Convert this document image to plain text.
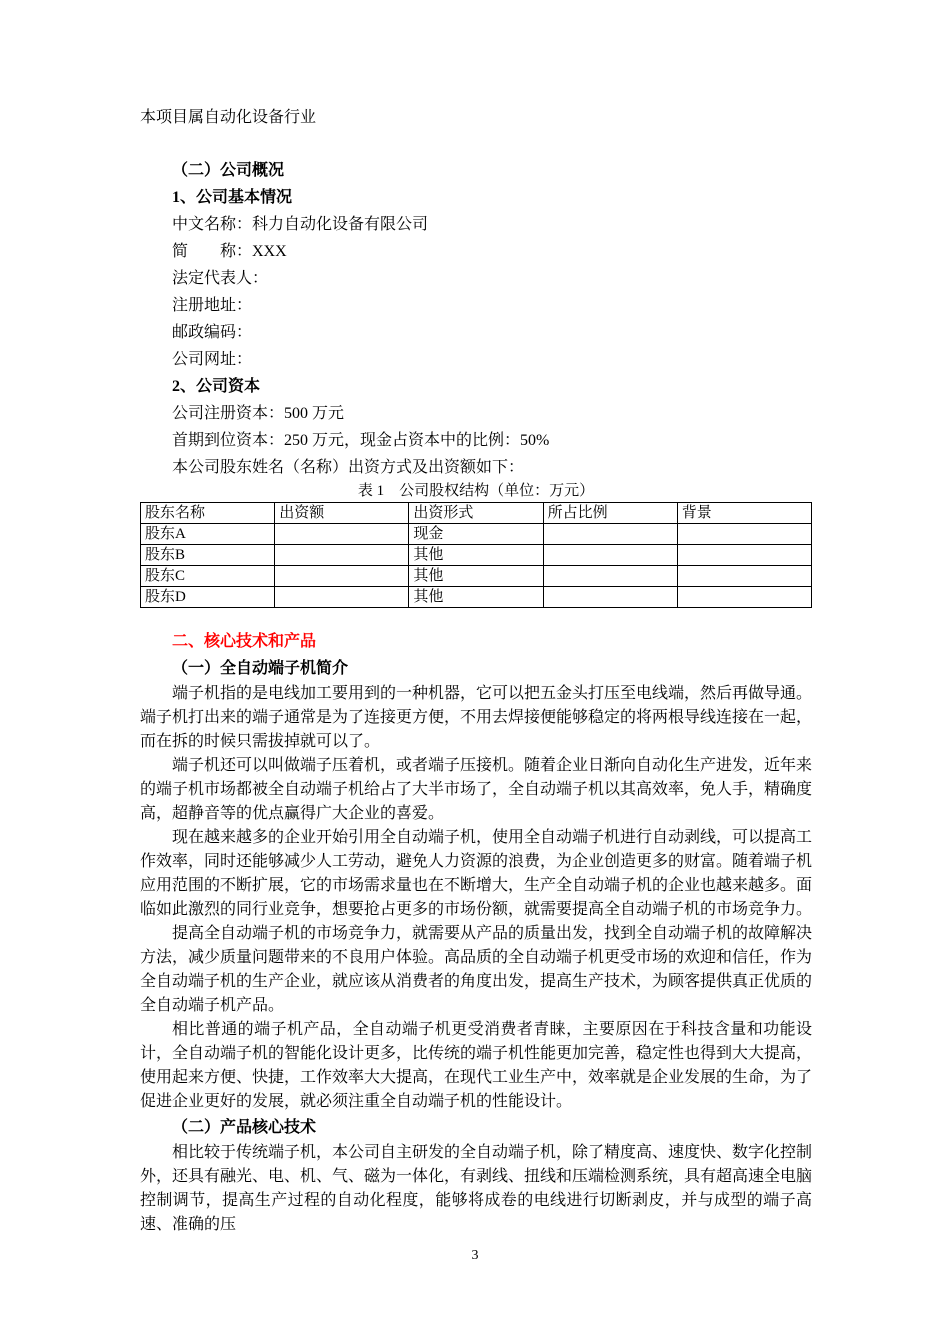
本项目属自动化设备行业

（二）公司概况

1、公司基本情况

中文名称：科力自动化设备有限公司

简　　称：XXX

法定代表人：

注册地址：

邮政编码：

公司网址：

2、公司资本

公司注册资本：500 万元

首期到位资本：250 万元，现金占资本中的比例：50%

本公司股东姓名（名称）出资方式及出资额如下：

表 1　公司股权结构（单位：万元）

股东名称	出资额	出资形式	所占比例	背景
股东A		现金		
股东B		其他		
股东C		其他		
股东D		其他		

二、核心技术和产品

（一）全自动端子机简介

端子机指的是电线加工要用到的一种机器，它可以把五金头打压至电线端，然后再做导通。端子机打出来的端子通常是为了连接更方便，不用去焊接便能够稳定的将两根导线连接在一起，而在拆的时候只需拔掉就可以了。

端子机还可以叫做端子压着机，或者端子压接机。随着企业日渐向自动化生产进发，近年来的端子机市场都被全自动端子机给占了大半市场了，全自动端子机以其高效率，免人手，精确度高，超静音等的优点赢得广大企业的喜爱。

现在越来越多的企业开始引用全自动端子机，使用全自动端子机进行自动剥线，可以提高工作效率，同时还能够减少人工劳动，避免人力资源的浪费，为企业创造更多的财富。随着端子机应用范围的不断扩展，它的市场需求量也在不断增大，生产全自动端子机的企业也越来越多。面临如此激烈的同行业竞争，想要抢占更多的市场份额，就需要提高全自动端子机的市场竞争力。

提高全自动端子机的市场竞争力，就需要从产品的质量出发，找到全自动端子机的故障解决方法，减少质量问题带来的不良用户体验。高品质的全自动端子机更受市场的欢迎和信任，作为全自动端子机的生产企业，就应该从消费者的角度出发，提高生产技术，为顾客提供真正优质的全自动端子机产品。

相比普通的端子机产品，全自动端子机更受消费者青睐，主要原因在于科技含量和功能设计，全自动端子机的智能化设计更多，比传统的端子机性能更加完善，稳定性也得到大大提高，使用起来方便、快捷，工作效率大大提高，在现代工业生产中，效率就是企业发展的生命，为了促进企业更好的发展，就必须注重全自动端子机的性能设计。

（二）产品核心技术

相比较于传统端子机，本公司自主研发的全自动端子机，除了精度高、速度快、数字化控制外，还具有融光、电、机、气、磁为一体化，有剥线、扭线和压端检测系统，具有超高速全电脑控制调节，提高生产过程的自动化程度，能够将成卷的电线进行切断剥皮，并与成型的端子高速、准确的压

3
